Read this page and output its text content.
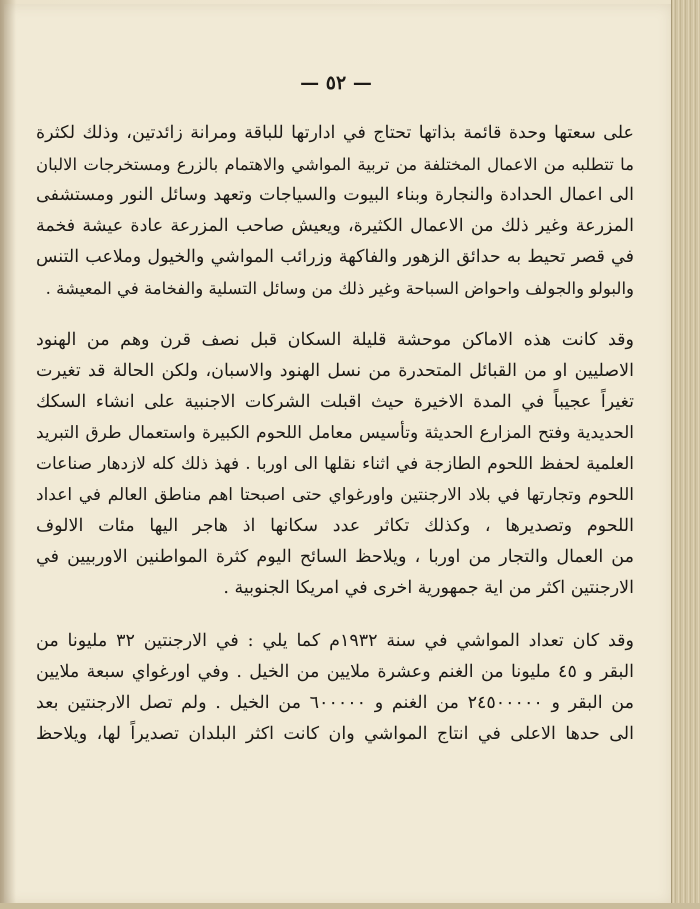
— ٥٢ —
على سعتها وحدة قائمة بذاتها تحتاج في ادارتها للباقة ومرانة زائدتين، وذلك لكثرة
ما تتطلبه من الاعمال المختلفة من تربية المواشي والاهتمام بالزرع ومستخرجات الالبان
الى اعمال الحدادة والنجارة وبناء البيوت والسياجات وتعهد وسائل النور ومستشفى
المزرعة وغير ذلك من الاعمال الكثيرة، ويعيش صاحب المزرعة عادة عيشة فخمة
في قصر تحيط به حدائق الزهور والفاكهة وزرائب المواشي والخيول وملاعب التنس
والبولو والجولف واحواض السباحة وغير ذلك من وسائل التسلية والفخامة في المعيشة .
وقد كانت هذه الاماكن موحشة قليلة السكان قبل نصف قرن وهم من الهنود
الاصليين او من القبائل المتحدرة من نسل الهنود والاسبان، ولكن الحالة قد تغيرت
تغيراً عجيباً في المدة الاخيرة حيث اقبلت الشركات الاجنبية على انشاء السكك
الحديدية وفتح المزارع الحديثة وتأسيس معامل اللحوم الكبيرة واستعمال طرق التبريد
العلمية لحفظ اللحوم الطازجة في اثناء نقلها الى اوربا . فهذ ذلك كله لازدهار صناعات
اللحوم وتجارتها في بلاد الارجنتين واورغواي حتى اصبحتا اهم مناطق العالم في اعداد
اللحوم وتصديرها ، وكذلك تكاثر عدد سكانها اذ هاجر اليها مئات الالوف
من العمال والتجار من اوربا ، ويلاحظ السائح اليوم كثرة المواطنين الاوربيين في
الارجنتين اكثر من اية جمهورية اخرى في امريكا الجنوبية .
وقد كان تعداد المواشي في سنة ١٩٣٢م كما يلي : في الارجنتين ٣٢ مليونا من
البقر و ٤٥ مليونا من الغنم وعشرة ملايين من الخيل . وفي اورغواي سبعة ملايين
من البقر و ٢٤٥٠٠٠٠٠ من الغنم و ٦٠٠٠٠٠ من الخيل . ولم تصل الارجنتين بعد
الى حدها الاعلى في انتاج المواشي وان كانت اكثر البلدان تصديراً لها، ويلاحظ
